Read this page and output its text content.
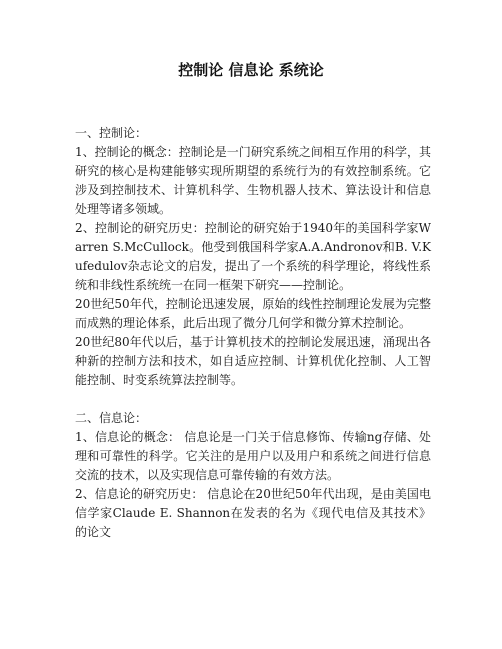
控制论 信息论 系统论

一、控制论：

1、控制论的概念：控制论是一门研究系统之间相互作用的科学，其研究的核心是构建能够实现所期望的系统行为的有效控制系统。它涉及到控制技术、计算机科学、生物机器人技术、算法设计和信息处理等诸多领域。

2、控制论的研究历史：控制论的研究始于1940年的美国科学家Warren S.McCullock。他受到俄国科学家A.A.Andronov和B. V.Kufedulov杂志论文的启发，提出了一个系统的科学理论，将线性系统和非线性系统统一在同一框架下研究——控制论。

20世纪50年代，控制论迅速发展，原始的线性控制理论发展为完整而成熟的理论体系，此后出现了微分几何学和微分算术控制论。

20世纪80年代以后，基于计算机技术的控制论发展迅速，涌现出各种新的控制方法和技术，如自适应控制、计算机优化控制、人工智能控制、时变系统算法控制等。

二、信息论：

1、信息论的概念： 信息论是一门关于信息修饰、传输ng存储、处理和可靠性的科学。它关注的是用户以及用户和系统之间进行信息交流的技术，以及实现信息可靠传输的有效方法。

2、信息论的研究历史： 信息论在20世纪50年代出现，是由美国电信学家Claude E. Shannon在发表的名为《现代电信及其技术》的论文
